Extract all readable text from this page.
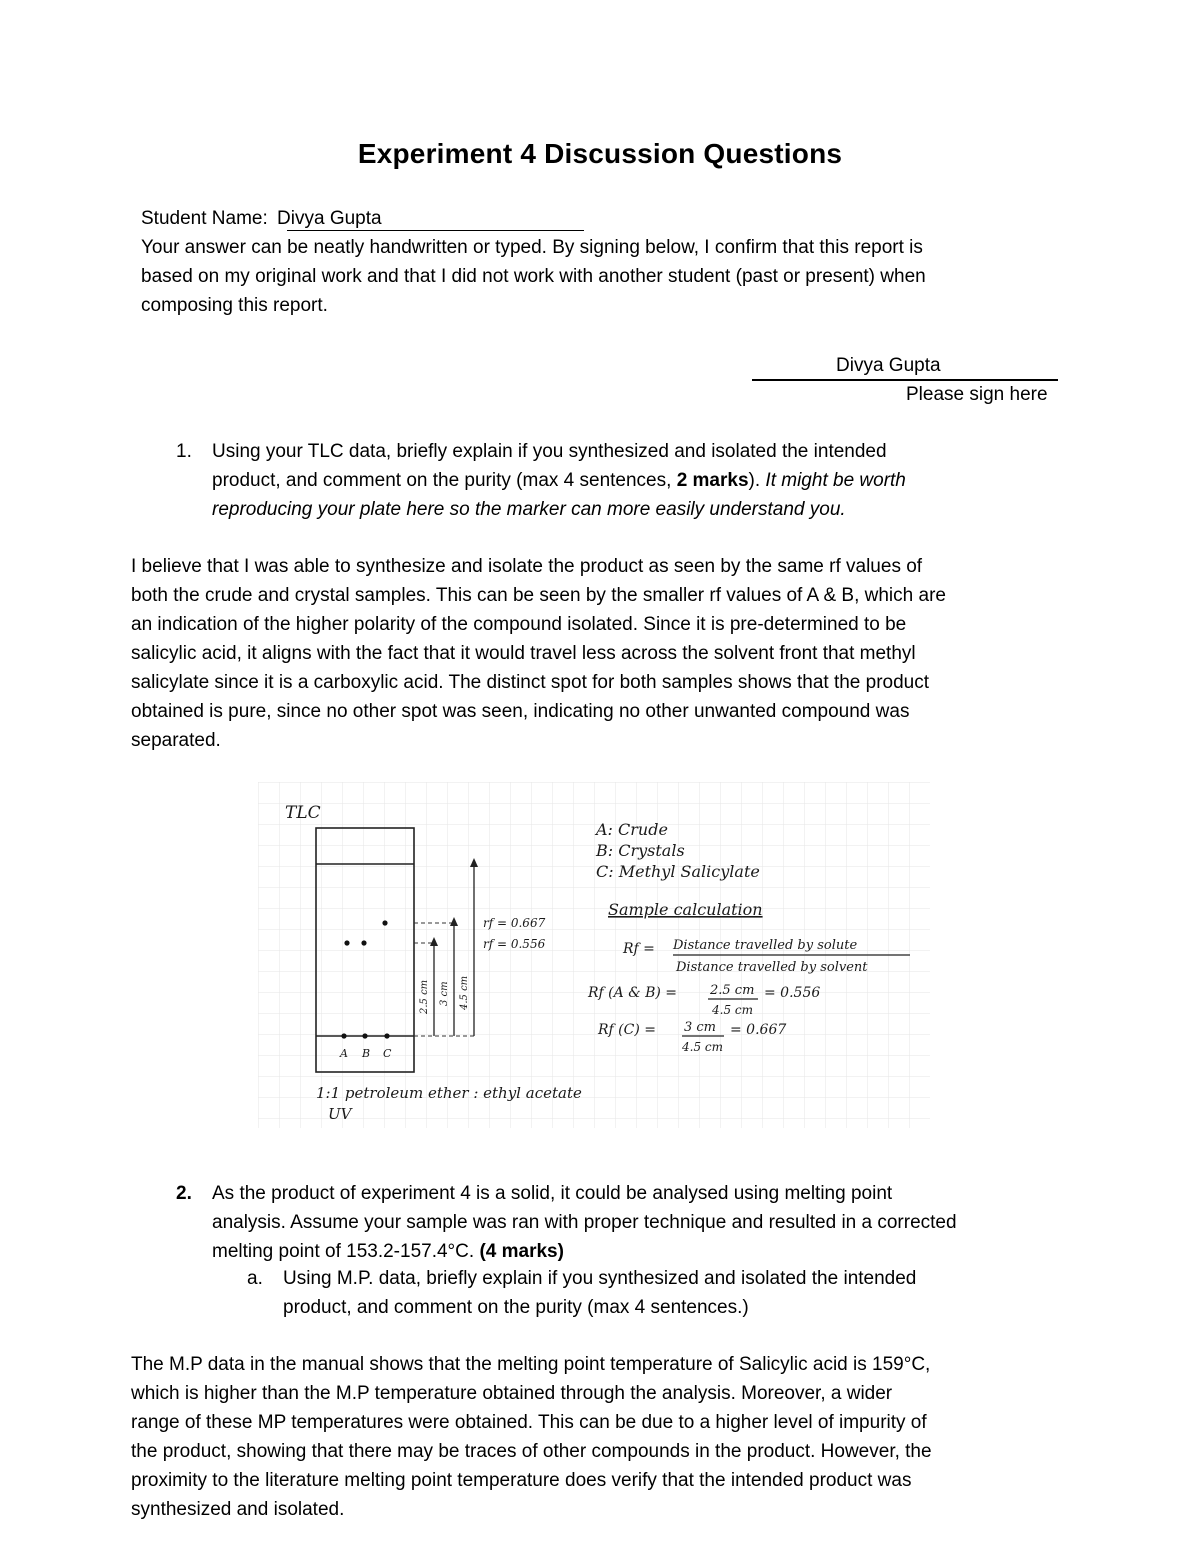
Experiment 4 Discussion Questions
Student Name: Divya Gupta
Your answer can be neatly handwritten or typed. By signing below, I confirm that this report is
based on my original work and that I did not work with another student (past or present) when
composing this report.
Divya Gupta
Please sign here
1. Using your TLC data, briefly explain if you synthesized and isolated the intended
product, and comment on the purity (max 4 sentences, 2 marks). It might be worth
reproducing your plate here so the marker can more easily understand you.
I believe that I was able to synthesize and isolate the product as seen by the same rf values of
both the crude and crystal samples. This can be seen by the smaller rf values of A & B, which are
an indication of the higher polarity of the compound isolated. Since it is pre-determined to be
salicylic acid, it aligns with the fact that it would travel less across the solvent front that methyl
salicylate since it is a carboxylic acid. The distinct spot for both samples shows that the product
obtained is pure, since no other spot was seen, indicating no other unwanted compound was
separated.
TLC
A B C
2.5 cm 3 cm 4.5 cm
rf = 0.667
rf = 0.556
A: Crude
B: Crystals
C: Methyl Salicylate
Sample calculation
Rf = Distance travelled by solute
Distance travelled by solvent
Rf (A & B) =	2.5 cm
4.5 cm
= 0.556
Rf (C) = 3 cm
4.5 cm
= 0.667
1:1 petroleum ether : ethyl acetate
UV
2. As the product of experiment 4 is a solid, it could be analysed using melting point
analysis. Assume your sample was ran with proper technique and resulted in a corrected
melting point of 153.2-157.4°C. (4 marks)
a. Using M.P. data, briefly explain if you synthesized and isolated the intended
product, and comment on the purity (max 4 sentences.)
The M.P data in the manual shows that the melting point temperature of Salicylic acid is 159°C,
which is higher than the M.P temperature obtained through the analysis. Moreover, a wider
range of these MP temperatures were obtained. This can be due to a higher level of impurity of
the product, showing that there may be traces of other compounds in the product. However, the
proximity to the literature melting point temperature does verify that the intended product was
synthesized and isolated.
